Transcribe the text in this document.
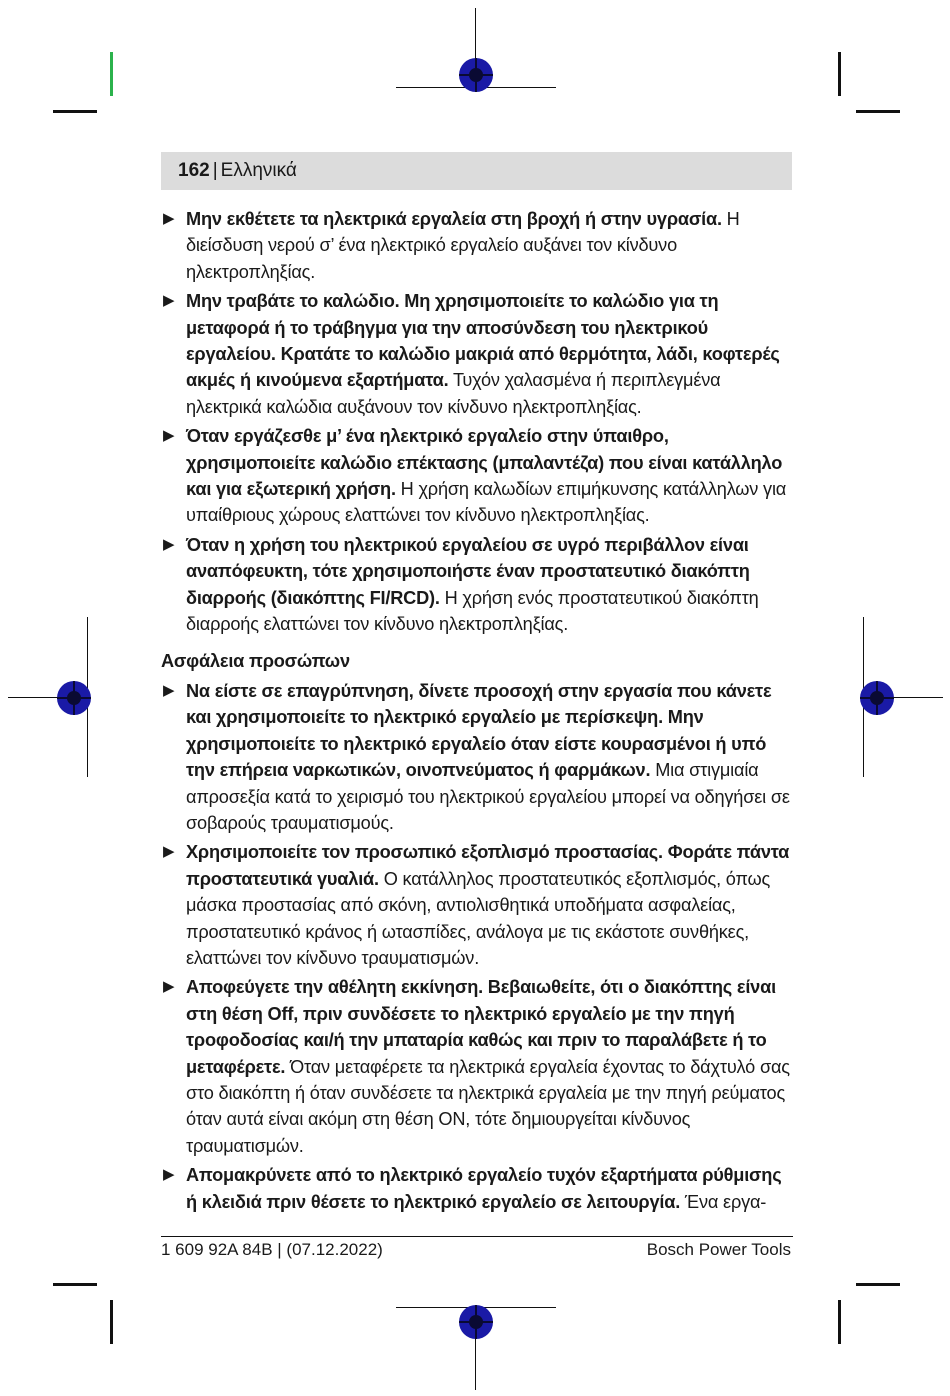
162 | Ελληνικά
▶ Μην εκθέτετε τα ηλεκτρικά εργαλεία στη βροχή ή στην υγρασία. Η διείσδυση νερού σ’ ένα ηλεκτρικό εργαλείο αυξάνει τον κίνδυνο ηλεκτροπληξίας.
▶ Μην τραβάτε το καλώδιο. Μη χρησιμοποιείτε το καλώδιο για τη μεταφορά ή το τράβηγμα για την αποσύνδεση του ηλεκτρικού εργαλείου. Κρατάτε το καλώδιο μακριά από θερμότητα, λάδι, κοφτερές ακμές ή κινούμενα εξαρτήματα. Τυχόν χαλασμένα ή περιπλεγμένα ηλεκτρικά καλώδια αυξάνουν τον κίνδυνο ηλεκτροπληξίας.
▶ Όταν εργάζεσθε μ’ ένα ηλεκτρικό εργαλείο στην ύπαιθρο, χρησιμοποιείτε καλώδιο επέκτασης (μπαλαντέζα) που είναι κατάλληλο και για εξωτερική χρήση. Η χρήση καλωδίων επιμήκυνσης κατάλληλων για υπαίθριους χώρους ελαττώνει τον κίνδυνο ηλεκτροπληξίας.
▶ Όταν η χρήση του ηλεκτρικού εργαλείου σε υγρό περιβάλλον είναι αναπόφευκτη, τότε χρησιμοποιήστε έναν προστατευτικό διακόπτη διαρροής (διακόπτης FI/RCD). Η χρήση ενός προστατευτικού διακόπτη διαρροής ελαττώνει τον κίνδυνο ηλεκτροπληξίας.
Ασφάλεια προσώπων
▶ Να είστε σε επαγρύπνηση, δίνετε προσοχή στην εργασία που κάνετε και χρησιμοποιείτε το ηλεκτρικό εργαλείο με περίσκεψη. Μην χρησιμοποιείτε το ηλεκτρικό εργαλείο όταν είστε κουρασμένοι ή υπό την επήρεια ναρκωτικών, οινοπνεύματος ή φαρμάκων. Μια στιγμιαία απροσεξία κατά το χειρισμό του ηλεκτρικού εργαλείου μπορεί να οδηγήσει σε σοβαρούς τραυματισμούς.
▶ Χρησιμοποιείτε τον προσωπικό εξοπλισμό προστασίας. Φοράτε πάντα προστατευτικά γυαλιά. Ο κατάλληλος προστατευτικός εξοπλισμός, όπως μάσκα προστασίας από σκόνη, αντιολισθητικά υποδήματα ασφαλείας, προστατευτικό κράνος ή ωτασπίδες, ανάλογα με τις εκάστοτε συνθήκες, ελαττώνει τον κίνδυνο τραυματισμών.
▶ Αποφεύγετε την αθέλητη εκκίνηση. Βεβαιωθείτε, ότι ο διακόπτης είναι στη θέση Off, πριν συνδέσετε το ηλεκτρικό εργαλείο με την πηγή τροφοδοσίας και/ή την μπαταρία καθώς και πριν το παραλάβετε ή το μεταφέρετε. Όταν μεταφέρετε τα ηλεκτρικά εργαλεία έχοντας το δάχτυλό σας στο διακόπτη ή όταν συνδέσετε τα ηλεκτρικά εργαλεία με την πηγή ρεύματος όταν αυτά είναι ακόμη στη θέση ON, τότε δημιουργείται κίνδυνος τραυματισμών.
▶ Απομακρύνετε από το ηλεκτρικό εργαλείο τυχόν εξαρτήματα ρύθμισης ή κλειδιά πριν θέσετε το ηλεκτρικό εργαλείο σε λειτουργία. Ένα εργα-
1 609 92A 84B | (07.12.2022)	Bosch Power Tools
